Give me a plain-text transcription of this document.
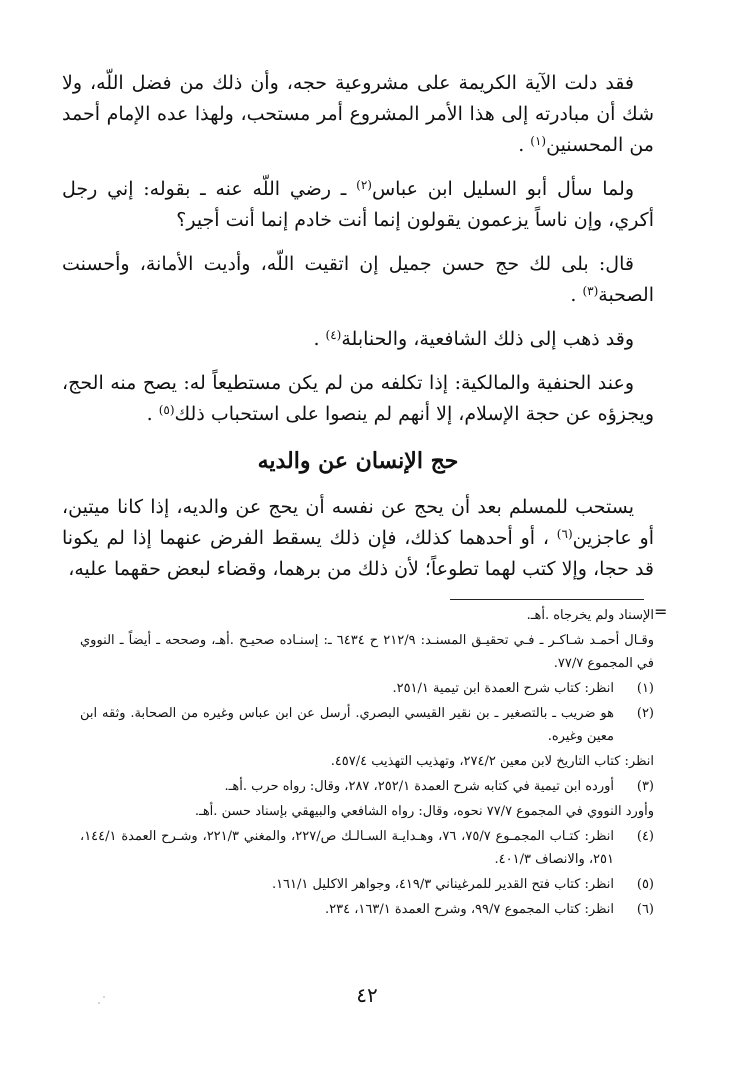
فقد دلت الآية الكريمة على مشروعية حجه، وأن ذلك من فضل اللّه، ولا شك أن مبادرته إلى هذا الأمر المشروع أمر مستحب، ولهذا عده الإمام أحمد من المحسنين$^{(١)}$ .

ولما سأل أبو السليل ابن عباس$^{(٢)}$ ـ رضي اللّه عنه ـ بقوله: إني رجل أكري، وإن ناساً يزعمون يقولون إنما أنت خادم إنما أنت أجير؟

قال: بلى لك حج حسن جميل إن اتقيت اللّه، وأديت الأمانة، وأحسنت الصحبة$^{(٣)}$ .

وقد ذهب إلى ذلك الشافعية، والحنابلة$^{(٤)}$ .

وعند الحنفية والمالكية: إذا تكلفه من لم يكن مستطيعاً له: يصح منه الحج، ويجزؤه عن حجة الإسلام، إلا أنهم لم ينصوا على استحباب ذلك$^{(٥)}$ .

حج الإنسان عن والديه
يستحب للمسلم بعد أن يحج عن نفسه أن يحج عن والديه، إذا كانا ميتين، أو عاجزين$^{(٦)}$ ، أو أحدهما كذلك، فإن ذلك يسقط الفرض عنهما إذا لم يكونا قد حجا، وإلا كتب لهما تطوعاً؛ لأن ذلك من برهما، وقضاء لبعض حقهما عليه،
=

الإسناد ولم يخرجاه .أهـ.

وقـال أحمـد شـاكـر ـ فـي تحقيـق المسنـد: ٢١٢/٩ ح ٦٤٣٤ ـ: إسنـاده صحيـح .أهـ، وصححه ـ أيضاً ـ النووي في المجموع ٧٧/٧.

(١)
انظر: كتاب شرح العمدة ابن تيمية ٢٥١/١.

(٢)
هو ضريب ـ بالتصغير ـ بن نقير القيسي البصري. أرسل عن ابن عباس وغيره من الصحابة. وثقه ابن معين وغيره.

انظر: كتاب التاريخ لابن معين ٢٧٤/٢، وتهذيب التهذيب ٤٥٧/٤.

(٣)
أورده ابن تيمية في كتابه شرح العمدة ٢٥٢/١، ٢٨٧، وقال: رواه حرب .أهـ.

وأورد النووي في المجموع ٧٧/٧ نحوه، وقال: رواه الشافعي والبيهقي بإسناد حسن .أهـ.

(٤)
انظر: كتـاب المجمـوع ٧٥/٧، ٧٦، وهـدايـة السـالـك ص/٢٢٧، والمغني ٢٢١/٣، وشـرح العمدة ١٤٤/١، ٢٥١، والانصاف ٤٠١/٣.

(٥)
انظر: كتاب فتح القدير للمرغيناني ٤١٩/٣، وجواهر الاكليل ١٦١/١.

(٦)
انظر: كتاب المجموع ٩٩/٧، وشرح العمدة ١٦٣/١، ٢٣٤.

٤٢
